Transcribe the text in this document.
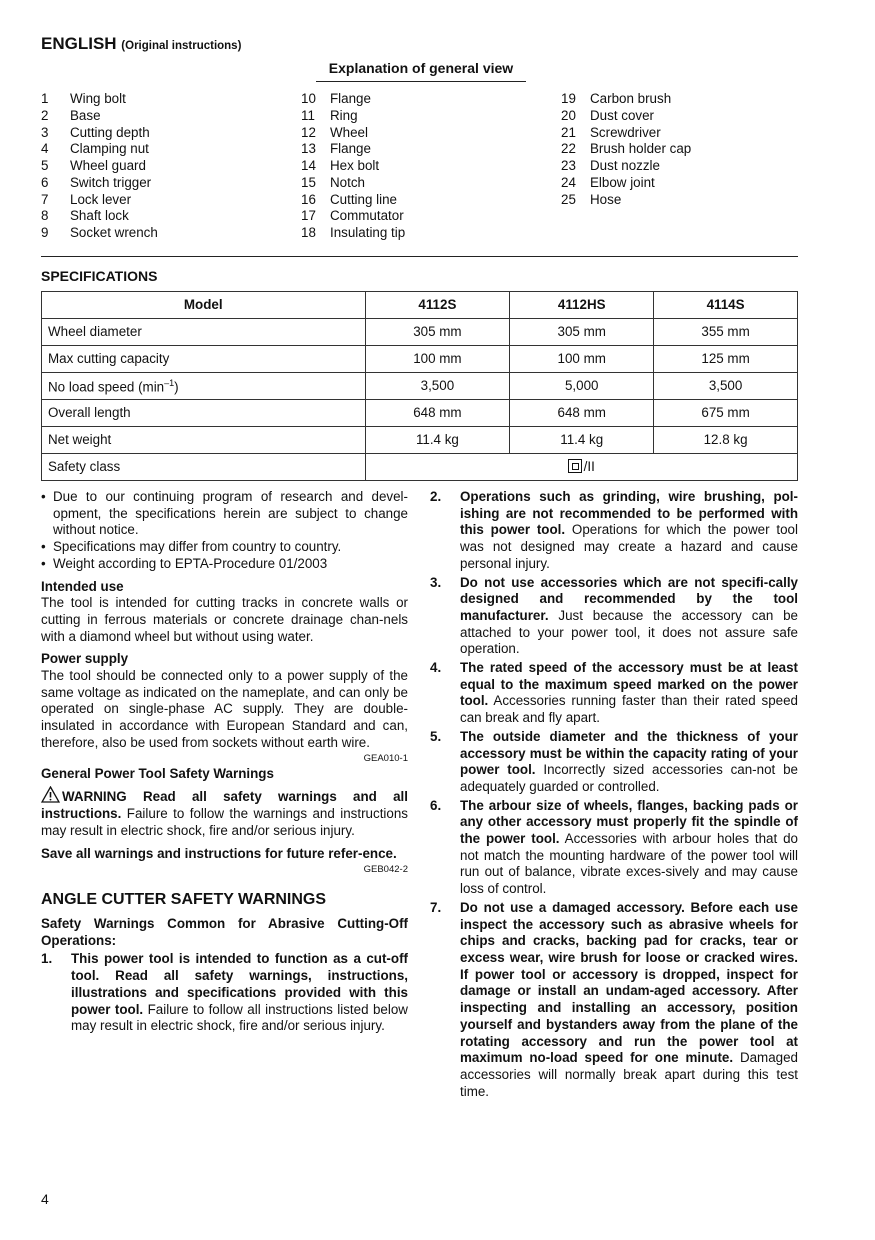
ENGLISH (Original instructions)
Explanation of general view
1	Wing bolt
2	Base
3	Cutting depth
4	Clamping nut
5	Wheel guard
6	Switch trigger
7	Lock lever
8	Shaft lock
9	Socket wrench
10	Flange
11	Ring
12	Wheel
13	Flange
14	Hex bolt
15	Notch
16	Cutting line
17	Commutator
18	Insulating tip
19	Carbon brush
20	Dust cover
21	Screwdriver
22	Brush holder cap
23	Dust nozzle
24	Elbow joint
25	Hose
SPECIFICATIONS
Model	4112S	4112HS	4114S
Wheel diameter	305 mm	305 mm	355 mm
Max cutting capacity	100 mm	100 mm	125 mm
No load speed $(\min^{-1})$	3,500	5,000	3,500
Overall length	648 mm	648 mm	675 mm
Net weight	11.4 kg	11.4 kg	12.8 kg
Safety class	/II		
• Due to our continuing program of research and devel-opment, the specifications herein are subject to change without notice.
• Specifications may differ from country to country.
• Weight according to EPTA-Procedure 01/2003
Intended use

The tool is intended for cutting tracks in concrete walls or cutting in ferrous materials or concrete drainage chan-nels with a diamond wheel but without using water.

Power supply

The tool should be connected only to a power supply of the same voltage as indicated on the nameplate, and can only be operated on single-phase AC supply. They are double-insulated in accordance with European Standard and can, therefore, also be used from sockets without earth wire.

GEA010-1
General Power Tool Safety Warnings

WARNING Read all safety warnings and all instructions. Failure to follow the warnings and instructions may result in electric shock, fire and/or serious injury.

Save all warnings and instructions for future refer-ence.
GEB042-2
ANGLE CUTTER SAFETY WARNINGS
Safety Warnings Common for Abrasive Cutting-Off Operations:
1.	This power tool is intended to function as a cut-off tool. Read all safety warnings, instructions, illustrations and specifications provided with this power tool. Failure to follow all instructions listed below may result in electric shock, fire and/or serious injury.
2.	Operations such as grinding, wire brushing, pol-ishing are not recommended to be performed with this power tool. Operations for which the power tool was not designed may create a hazard and cause personal injury.
3.	Do not use accessories which are not specifi-cally designed and recommended by the tool manufacturer. Just because the accessory can be attached to your power tool, it does not assure safe operation.
4.	The rated speed of the accessory must be at least equal to the maximum speed marked on the power tool. Accessories running faster than their rated speed can break and fly apart.
5.	The outside diameter and the thickness of your accessory must be within the capacity rating of your power tool. Incorrectly sized accessories can-not be adequately guarded or controlled.
6.	The arbour size of wheels, flanges, backing pads or any other accessory must properly fit the spindle of the power tool. Accessories with arbour holes that do not match the mounting hardware of the power tool will run out of balance, vibrate exces-sively and may cause loss of control.
7.	Do not use a damaged accessory. Before each use inspect the accessory such as abrasive wheels for chips and cracks, backing pad for cracks, tear or excess wear, wire brush for loose or cracked wires. If power tool or accessory is dropped, inspect for damage or install an undam-aged accessory. After inspecting and installing an accessory, position yourself and bystanders away from the plane of the rotating accessory and run the power tool at maximum no-load speed for one minute. Damaged accessories will normally break apart during this test time.
4
